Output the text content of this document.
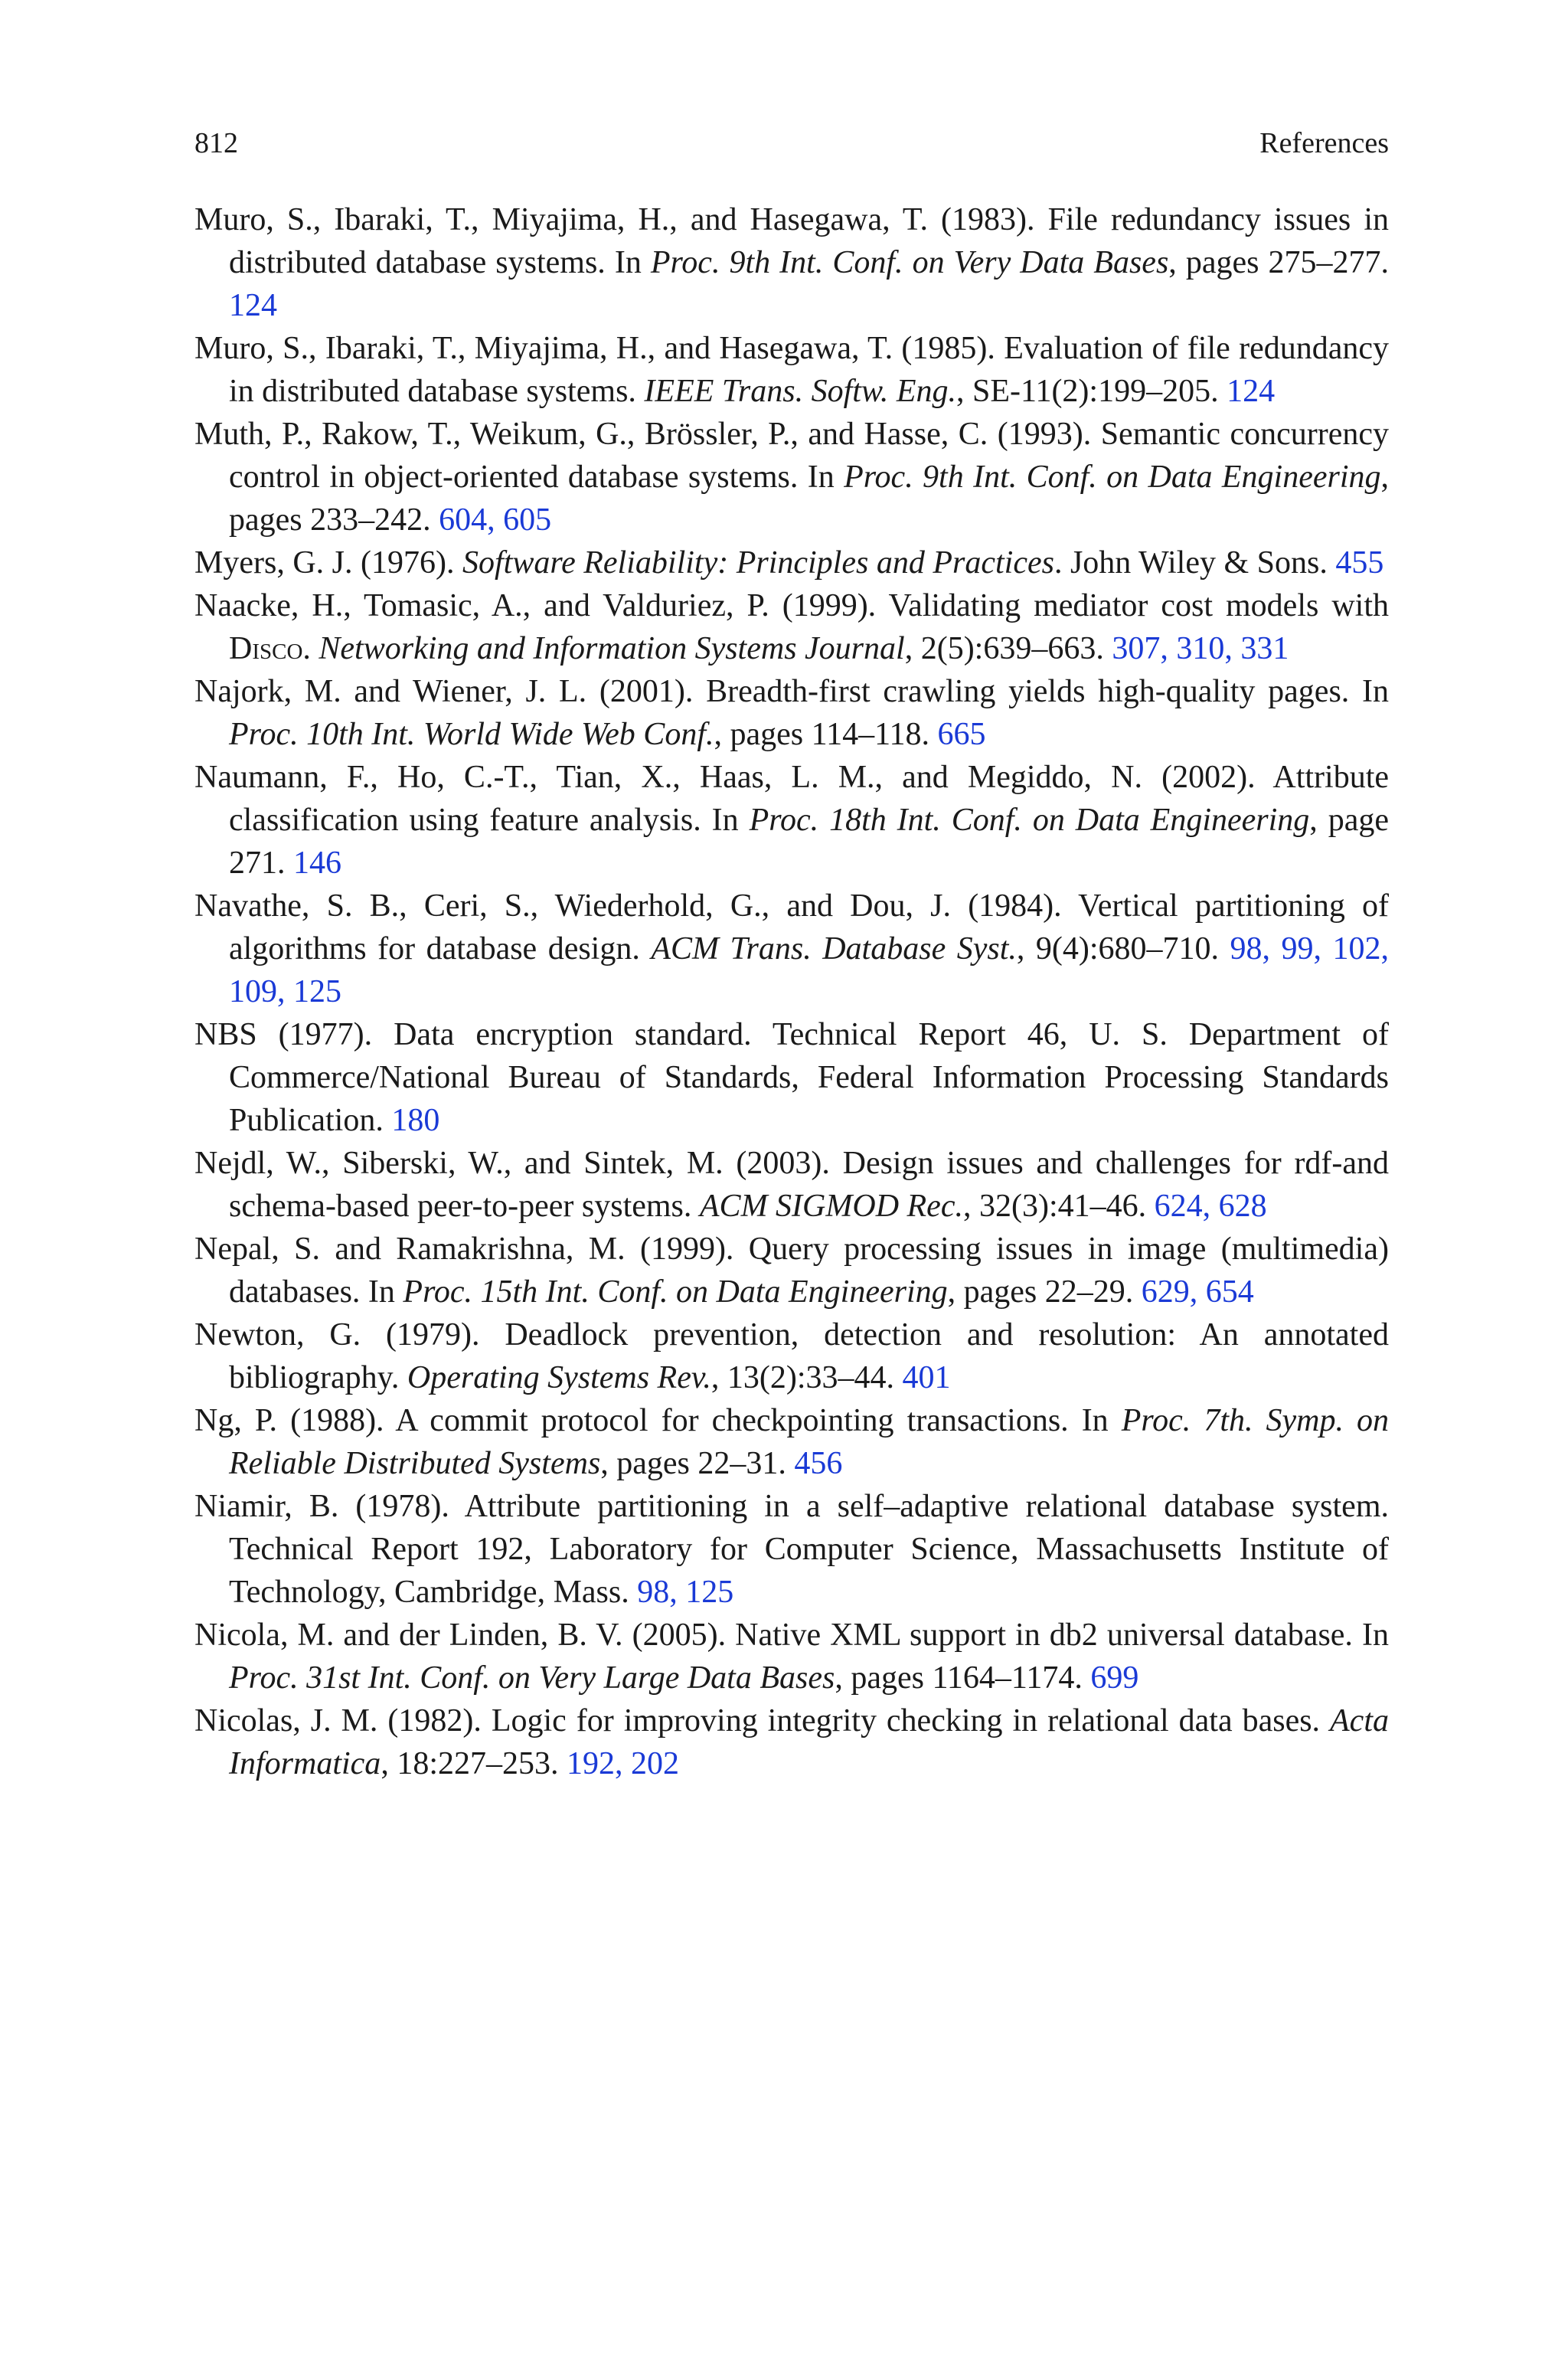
812	References
Muro, S., Ibaraki, T., Miyajima, H., and Hasegawa, T. (1983). File redundancy issues in distributed database systems. In Proc. 9th Int. Conf. on Very Data Bases, pages 275–277. 124
Muro, S., Ibaraki, T., Miyajima, H., and Hasegawa, T. (1985). Evaluation of file redundancy in distributed database systems. IEEE Trans. Softw. Eng., SE-11(2):199–205. 124
Muth, P., Rakow, T., Weikum, G., Brössler, P., and Hasse, C. (1993). Semantic concurrency control in object-oriented database systems. In Proc. 9th Int. Conf. on Data Engineering, pages 233–242. 604, 605
Myers, G. J. (1976). Software Reliability: Principles and Practices. John Wiley & Sons. 455
Naacke, H., Tomasic, A., and Valduriez, P. (1999). Validating mediator cost models with Disco. Networking and Information Systems Journal, 2(5):639–663. 307, 310, 331
Najork, M. and Wiener, J. L. (2001). Breadth-first crawling yields high-quality pages. In Proc. 10th Int. World Wide Web Conf., pages 114–118. 665
Naumann, F., Ho, C.-T., Tian, X., Haas, L. M., and Megiddo, N. (2002). Attribute classification using feature analysis. In Proc. 18th Int. Conf. on Data Engineering, page 271. 146
Navathe, S. B., Ceri, S., Wiederhold, G., and Dou, J. (1984). Vertical partitioning of algorithms for database design. ACM Trans. Database Syst., 9(4):680–710. 98, 99, 102, 109, 125
NBS (1977). Data encryption standard. Technical Report 46, U. S. Department of Commerce/National Bureau of Standards, Federal Information Processing Standards Publication. 180
Nejdl, W., Siberski, W., and Sintek, M. (2003). Design issues and challenges for rdf-and schema-based peer-to-peer systems. ACM SIGMOD Rec., 32(3):41–46. 624, 628
Nepal, S. and Ramakrishna, M. (1999). Query processing issues in image (multimedia) databases. In Proc. 15th Int. Conf. on Data Engineering, pages 22–29. 629, 654
Newton, G. (1979). Deadlock prevention, detection and resolution: An annotated bibliography. Operating Systems Rev., 13(2):33–44. 401
Ng, P. (1988). A commit protocol for checkpointing transactions. In Proc. 7th. Symp. on Reliable Distributed Systems, pages 22–31. 456
Niamir, B. (1978). Attribute partitioning in a self–adaptive relational database system. Technical Report 192, Laboratory for Computer Science, Massachusetts Institute of Technology, Cambridge, Mass. 98, 125
Nicola, M. and der Linden, B. V. (2005). Native XML support in db2 universal database. In Proc. 31st Int. Conf. on Very Large Data Bases, pages 1164–1174. 699
Nicolas, J. M. (1982). Logic for improving integrity checking in relational data bases. Acta Informatica, 18:227–253. 192, 202
